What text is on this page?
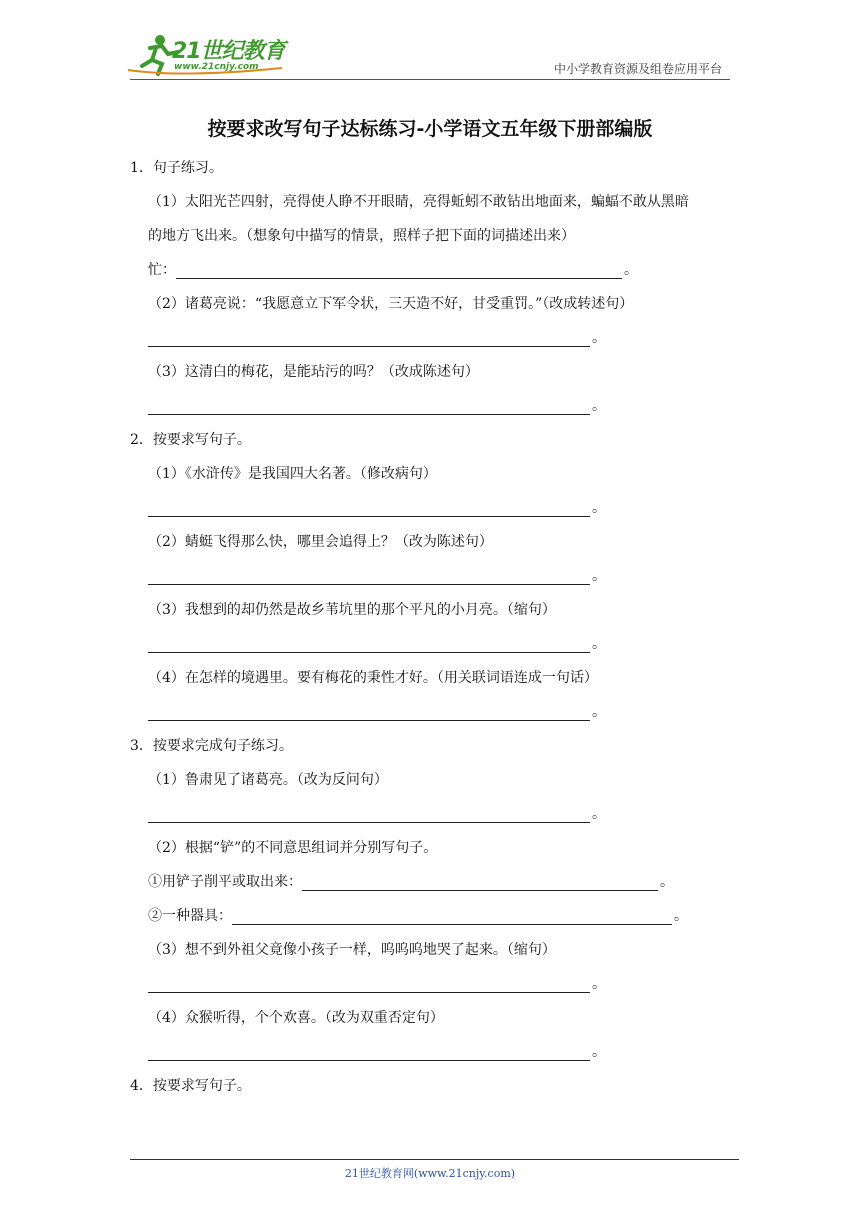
21世纪教育
www.21cnjy.com	中小学教育资源及组卷应用平台
按要求改写句子达标练习-小学语文五年级下册部编版
1．句子练习。
（1）太阳光芒四射，亮得使人睁不开眼睛，亮得蚯蚓不敢钻出地面来，蝙蝠不敢从黑暗
的地方飞出来。（想象句中描写的情景，照样子把下面的词描述出来）
忙：	。
（2）诸葛亮说：“我愿意立下军令状，三天造不好，甘受重罚。”（改成转述句）
。
（3）这清白的梅花，是能玷污的吗？（改成陈述句）
。
2．按要求写句子。
（1）《水浒传》是我国四大名著。（修改病句）
。
（2）蜻蜓飞得那么快，哪里会追得上？（改为陈述句）
。
（3）我想到的却仍然是故乡苇坑里的那个平凡的小月亮。（缩句）
。
（4）在怎样的境遇里。要有梅花的秉性才好。（用关联词语连成一句话）
。
3．按要求完成句子练习。
（1）鲁肃见了诸葛亮。（改为反问句）
。
（2）根据“铲”的不同意思组词并分别写句子。
①用铲子削平或取出来：	。
②一种器具：	。
（3）想不到外祖父竟像小孩子一样，呜呜呜地哭了起来。（缩句）
。
（4）众猴听得，个个欢喜。（改为双重否定句）
。
4．按要求写句子。
21世纪教育网(www.21cnjy.com)
